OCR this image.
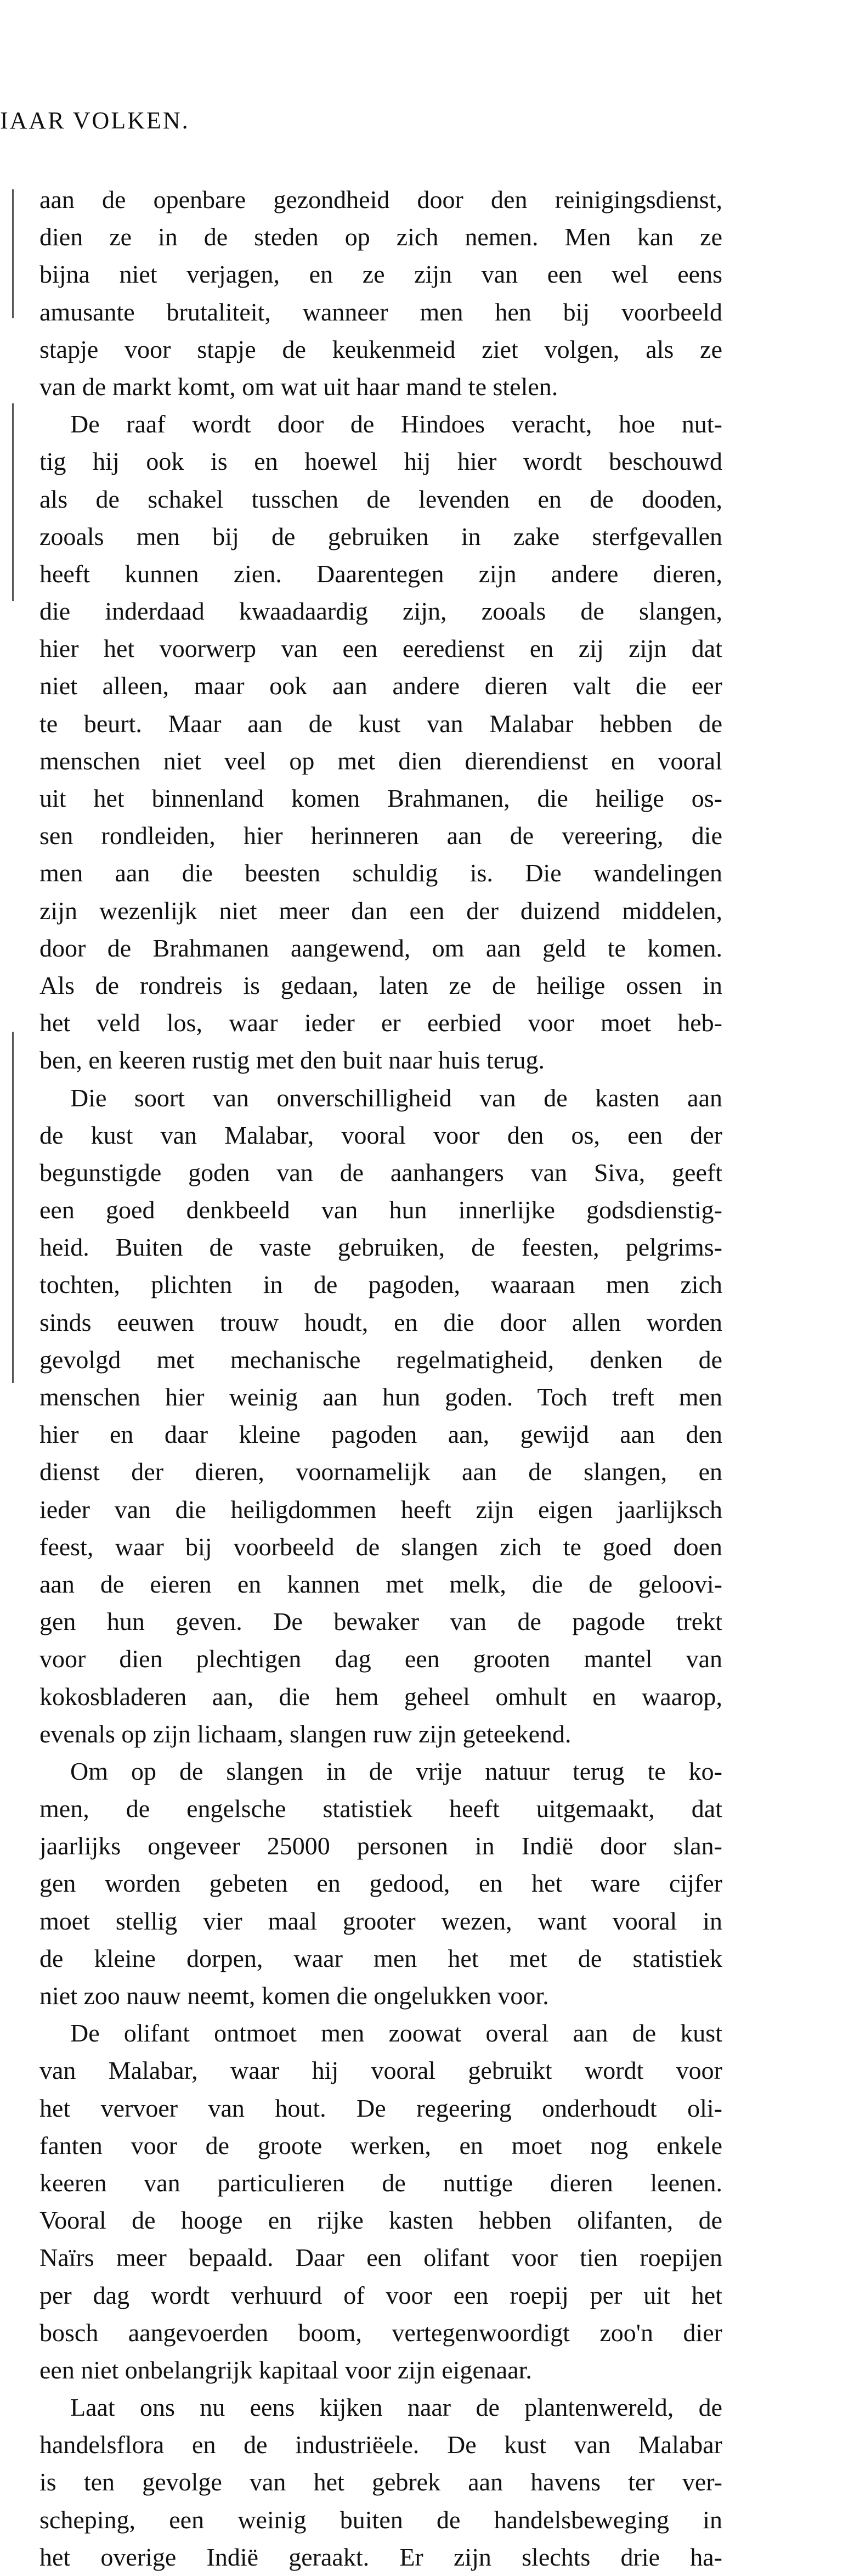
IAAR VOLKEN.
aan de openbare gezondheid door den reinigingsdienst,
dien ze in de steden op zich nemen. Men kan ze
bijna niet verjagen, en ze zijn van een wel eens
amusante brutaliteit, wanneer men hen bij voorbeeld
stapje voor stapje de keukenmeid ziet volgen, als ze
van de markt komt, om wat uit haar mand te stelen.
De raaf wordt door de Hindoes veracht, hoe nut-
tig hij ook is en hoewel hij hier wordt beschouwd
als de schakel tusschen de levenden en de dooden,
zooals men bij de gebruiken in zake sterfgevallen
heeft kunnen zien. Daarentegen zijn andere dieren,
die inderdaad kwaadaardig zijn, zooals de slangen,
hier het voorwerp van een eeredienst en zij zijn dat
niet alleen, maar ook aan andere dieren valt die eer
te beurt. Maar aan de kust van Malabar hebben de
menschen niet veel op met dien dierendienst en vooral
uit het binnenland komen Brahmanen, die heilige os-
sen rondleiden, hier herinneren aan de vereering, die
men aan die beesten schuldig is. Die wandelingen
zijn wezenlijk niet meer dan een der duizend middelen,
door de Brahmanen aangewend, om aan geld te komen.
Als de rondreis is gedaan, laten ze de heilige ossen in
het veld los, waar ieder er eerbied voor moet heb-
ben, en keeren rustig met den buit naar huis terug.
Die soort van onverschilligheid van de kasten aan
de kust van Malabar, vooral voor den os, een der
begunstigde goden van de aanhangers van Siva, geeft
een goed denkbeeld van hun innerlijke godsdienstig-
heid. Buiten de vaste gebruiken, de feesten, pelgrims-
tochten, plichten in de pagoden, waaraan men zich
sinds eeuwen trouw houdt, en die door allen worden
gevolgd met mechanische regelmatigheid, denken de
menschen hier weinig aan hun goden. Toch treft men
hier en daar kleine pagoden aan, gewijd aan den
dienst der dieren, voornamelijk aan de slangen, en
ieder van die heiligdommen heeft zijn eigen jaarlijksch
feest, waar bij voorbeeld de slangen zich te goed doen
aan de eieren en kannen met melk, die de geloovi-
gen hun geven. De bewaker van de pagode trekt
voor dien plechtigen dag een grooten mantel van
kokosbladeren aan, die hem geheel omhult en waarop,
evenals op zijn lichaam, slangen ruw zijn geteekend.
Om op de slangen in de vrije natuur terug te ko-
men, de engelsche statistiek heeft uitgemaakt, dat
jaarlijks ongeveer 25000 personen in Indië door slan-
gen worden gebeten en gedood, en het ware cijfer
moet stellig vier maal grooter wezen, want vooral in
de kleine dorpen, waar men het met de statistiek
niet zoo nauw neemt, komen die ongelukken voor.
De olifant ontmoet men zoowat overal aan de kust
van Malabar, waar hij vooral gebruikt wordt voor
het vervoer van hout. De regeering onderhoudt oli-
fanten voor de groote werken, en moet nog enkele
keeren van particulieren de nuttige dieren leenen.
Vooral de hooge en rijke kasten hebben olifanten, de
Naïrs meer bepaald. Daar een olifant voor tien roepijen
per dag wordt verhuurd of voor een roepij per uit het
bosch aangevoerden boom, vertegenwoordigt zoo'n dier
een niet onbelangrijk kapitaal voor zijn eigenaar.
Laat ons nu eens kijken naar de plantenwereld, de
handelsflora en de industriëele. De kust van Malabar
is ten gevolge van het gebrek aan havens ter ver-
scheping, een weinig buiten de handelsbeweging in
het overige Indië geraakt. Er zijn slechts drie ha-
